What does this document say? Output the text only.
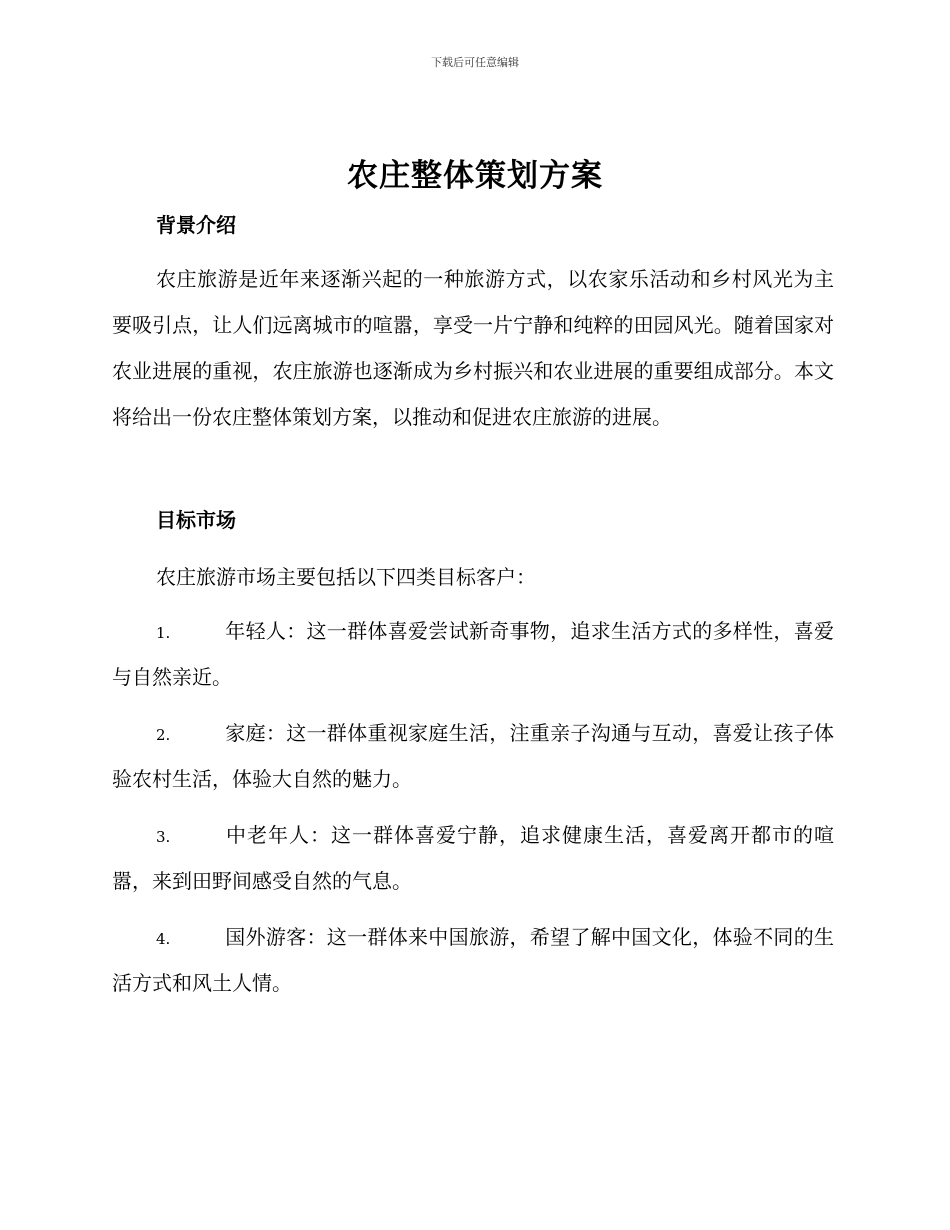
下载后可任意编辑
农庄整体策划方案
背景介绍
农庄旅游是近年来逐渐兴起的一种旅游方式，以农家乐活动和乡村风光为主要吸引点，让人们远离城市的喧嚣，享受一片宁静和纯粹的田园风光。随着国家对农业进展的重视，农庄旅游也逐渐成为乡村振兴和农业进展的重要组成部分。本文将给出一份农庄整体策划方案，以推动和促进农庄旅游的进展。
目标市场
农庄旅游市场主要包括以下四类目标客户：
1.	年轻人：这一群体喜爱尝试新奇事物，追求生活方式的多样性，喜爱与自然亲近。
2.	家庭：这一群体重视家庭生活，注重亲子沟通与互动，喜爱让孩子体验农村生活，体验大自然的魅力。
3.	中老年人：这一群体喜爱宁静，追求健康生活，喜爱离开都市的喧嚣，来到田野间感受自然的气息。
4.	国外游客：这一群体来中国旅游，希望了解中国文化，体验不同的生活方式和风土人情。
